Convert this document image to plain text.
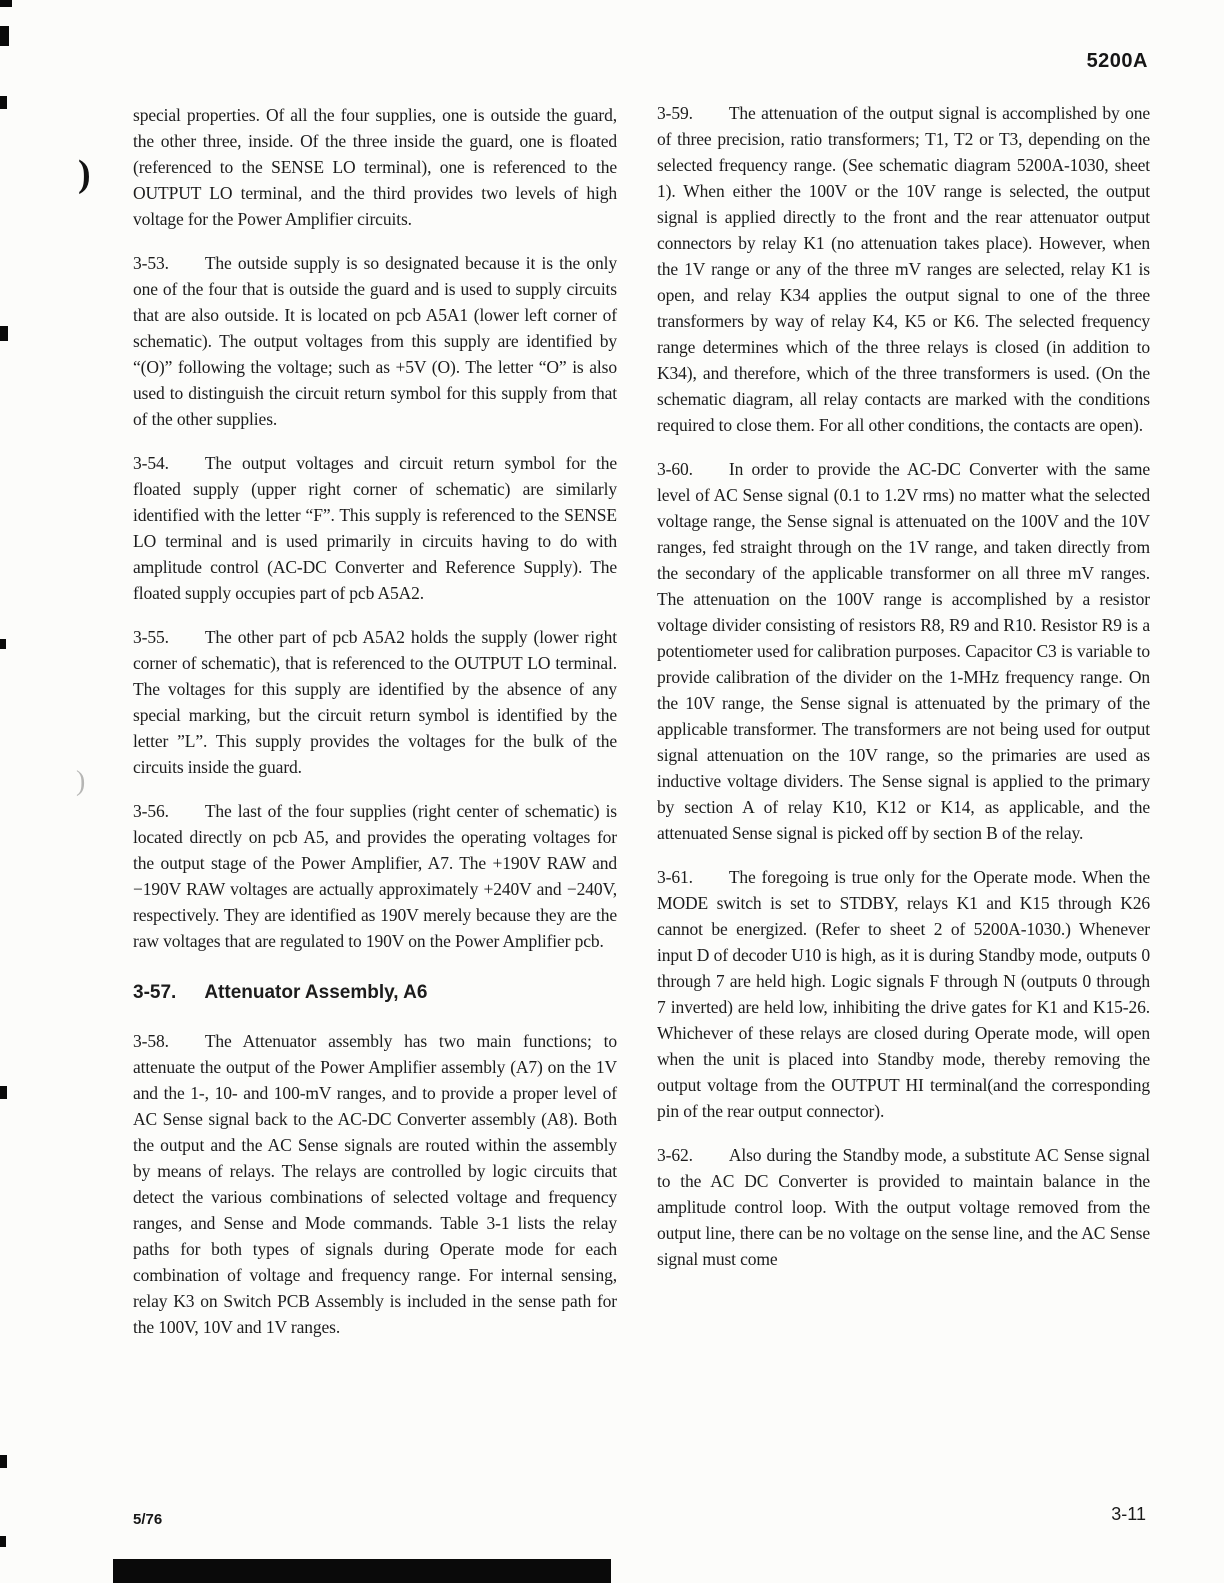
5200A
)
)

special properties. Of all the four supplies, one is outside the guard, the other three, inside. Of the three inside the guard, one is floated (referenced to the SENSE LO terminal), one is referenced to the OUTPUT LO terminal, and the third provides two levels of high voltage for the Power Amplifier circuits.

3-53. The outside supply is so designated because it is the only one of the four that is outside the guard and is used to supply circuits that are also outside. It is located on pcb A5A1 (lower left corner of schematic). The output voltages from this supply are identified by “(O)” following the voltage; such as +5V (O). The letter “O” is also used to distinguish the circuit return symbol for this supply from that of the other supplies.

3-54. The output voltages and circuit return symbol for the floated supply (upper right corner of schematic) are similarly identified with the letter “F”. This supply is referenced to the SENSE LO terminal and is used primarily in circuits having to do with amplitude control (AC-DC Converter and Reference Supply). The floated supply occupies part of pcb A5A2.

3-55. The other part of pcb A5A2 holds the supply (lower right corner of schematic), that is referenced to the OUTPUT LO terminal. The voltages for this supply are identified by the absence of any special marking, but the circuit return symbol is identified by the letter ”L”. This supply provides the voltages for the bulk of the circuits inside the guard.

3-56. The last of the four supplies (right center of schematic) is located directly on pcb A5, and provides the operating voltages for the output stage of the Power Amplifier, A7. The +190V RAW and −190V RAW voltages are actually approximately +240V and −240V, respectively. They are identified as 190V merely because they are the raw voltages that are regulated to 190V on the Power Amplifier pcb.

3-57. Attenuator Assembly, A6

3-58. The Attenuator assembly has two main functions; to attenuate the output of the Power Amplifier assembly (A7) on the 1V and the 1-, 10- and 100-mV ranges, and to provide a proper level of AC Sense signal back to the AC-DC Converter assembly (A8). Both the output and the AC Sense signals are routed within the assembly by means of relays. The relays are controlled by logic circuits that detect the various combinations of selected voltage and frequency ranges, and Sense and Mode commands. Table 3-1 lists the relay paths for both types of signals during Operate mode for each combination of voltage and frequency range. For internal sensing, relay K3 on Switch PCB Assembly is included in the sense path for the 100V, 10V and 1V ranges.

3-59. The attenuation of the output signal is accomplished by one of three precision, ratio transformers; T1, T2 or T3, depending on the selected frequency range. (See schematic diagram 5200A-1030, sheet 1). When either the 100V or the 10V range is selected, the output signal is applied directly to the front and the rear attenuator output connectors by relay K1 (no attenuation takes place). However, when the 1V range or any of the three mV ranges are selected, relay K1 is open, and relay K34 applies the output signal to one of the three transformers by way of relay K4, K5 or K6. The selected frequency range determines which of the three relays is closed (in addition to K34), and therefore, which of the three transformers is used. (On the schematic diagram, all relay contacts are marked with the conditions required to close them. For all other conditions, the contacts are open).

3-60. In order to provide the AC-DC Converter with the same level of AC Sense signal (0.1 to 1.2V rms) no matter what the selected voltage range, the Sense signal is attenuated on the 100V and the 10V ranges, fed straight through on the 1V range, and taken directly from the secondary of the applicable transformer on all three mV ranges. The attenuation on the 100V range is accomplished by a resistor voltage divider consisting of resistors R8, R9 and R10. Resistor R9 is a potentiometer used for calibration purposes. Capacitor C3 is variable to provide calibration of the divider on the 1-MHz frequency range. On the 10V range, the Sense signal is attenuated by the primary of the applicable transformer. The transformers are not being used for output signal attenuation on the 10V range, so the primaries are used as inductive voltage dividers. The Sense signal is applied to the primary by section A of relay K10, K12 or K14, as applicable, and the attenuated Sense signal is picked off by section B of the relay.

3-61. The foregoing is true only for the Operate mode. When the MODE switch is set to STDBY, relays K1 and K15 through K26 cannot be energized. (Refer to sheet 2 of 5200A-1030.) Whenever input D of decoder U10 is high, as it is during Standby mode, outputs 0 through 7 are held high. Logic signals F through N (outputs 0 through 7 inverted) are held low, inhibiting the drive gates for K1 and K15-26. Whichever of these relays are closed during Operate mode, will open when the unit is placed into Standby mode, thereby removing the output voltage from the OUTPUT HI terminal(and the corresponding pin of the rear output connector).

3-62. Also during the Standby mode, a substitute AC Sense signal to the AC DC Converter is provided to maintain balance in the amplitude control loop. With the output voltage removed from the output line, there can be no voltage on the sense line, and the AC Sense signal must come

5/76	3-11
